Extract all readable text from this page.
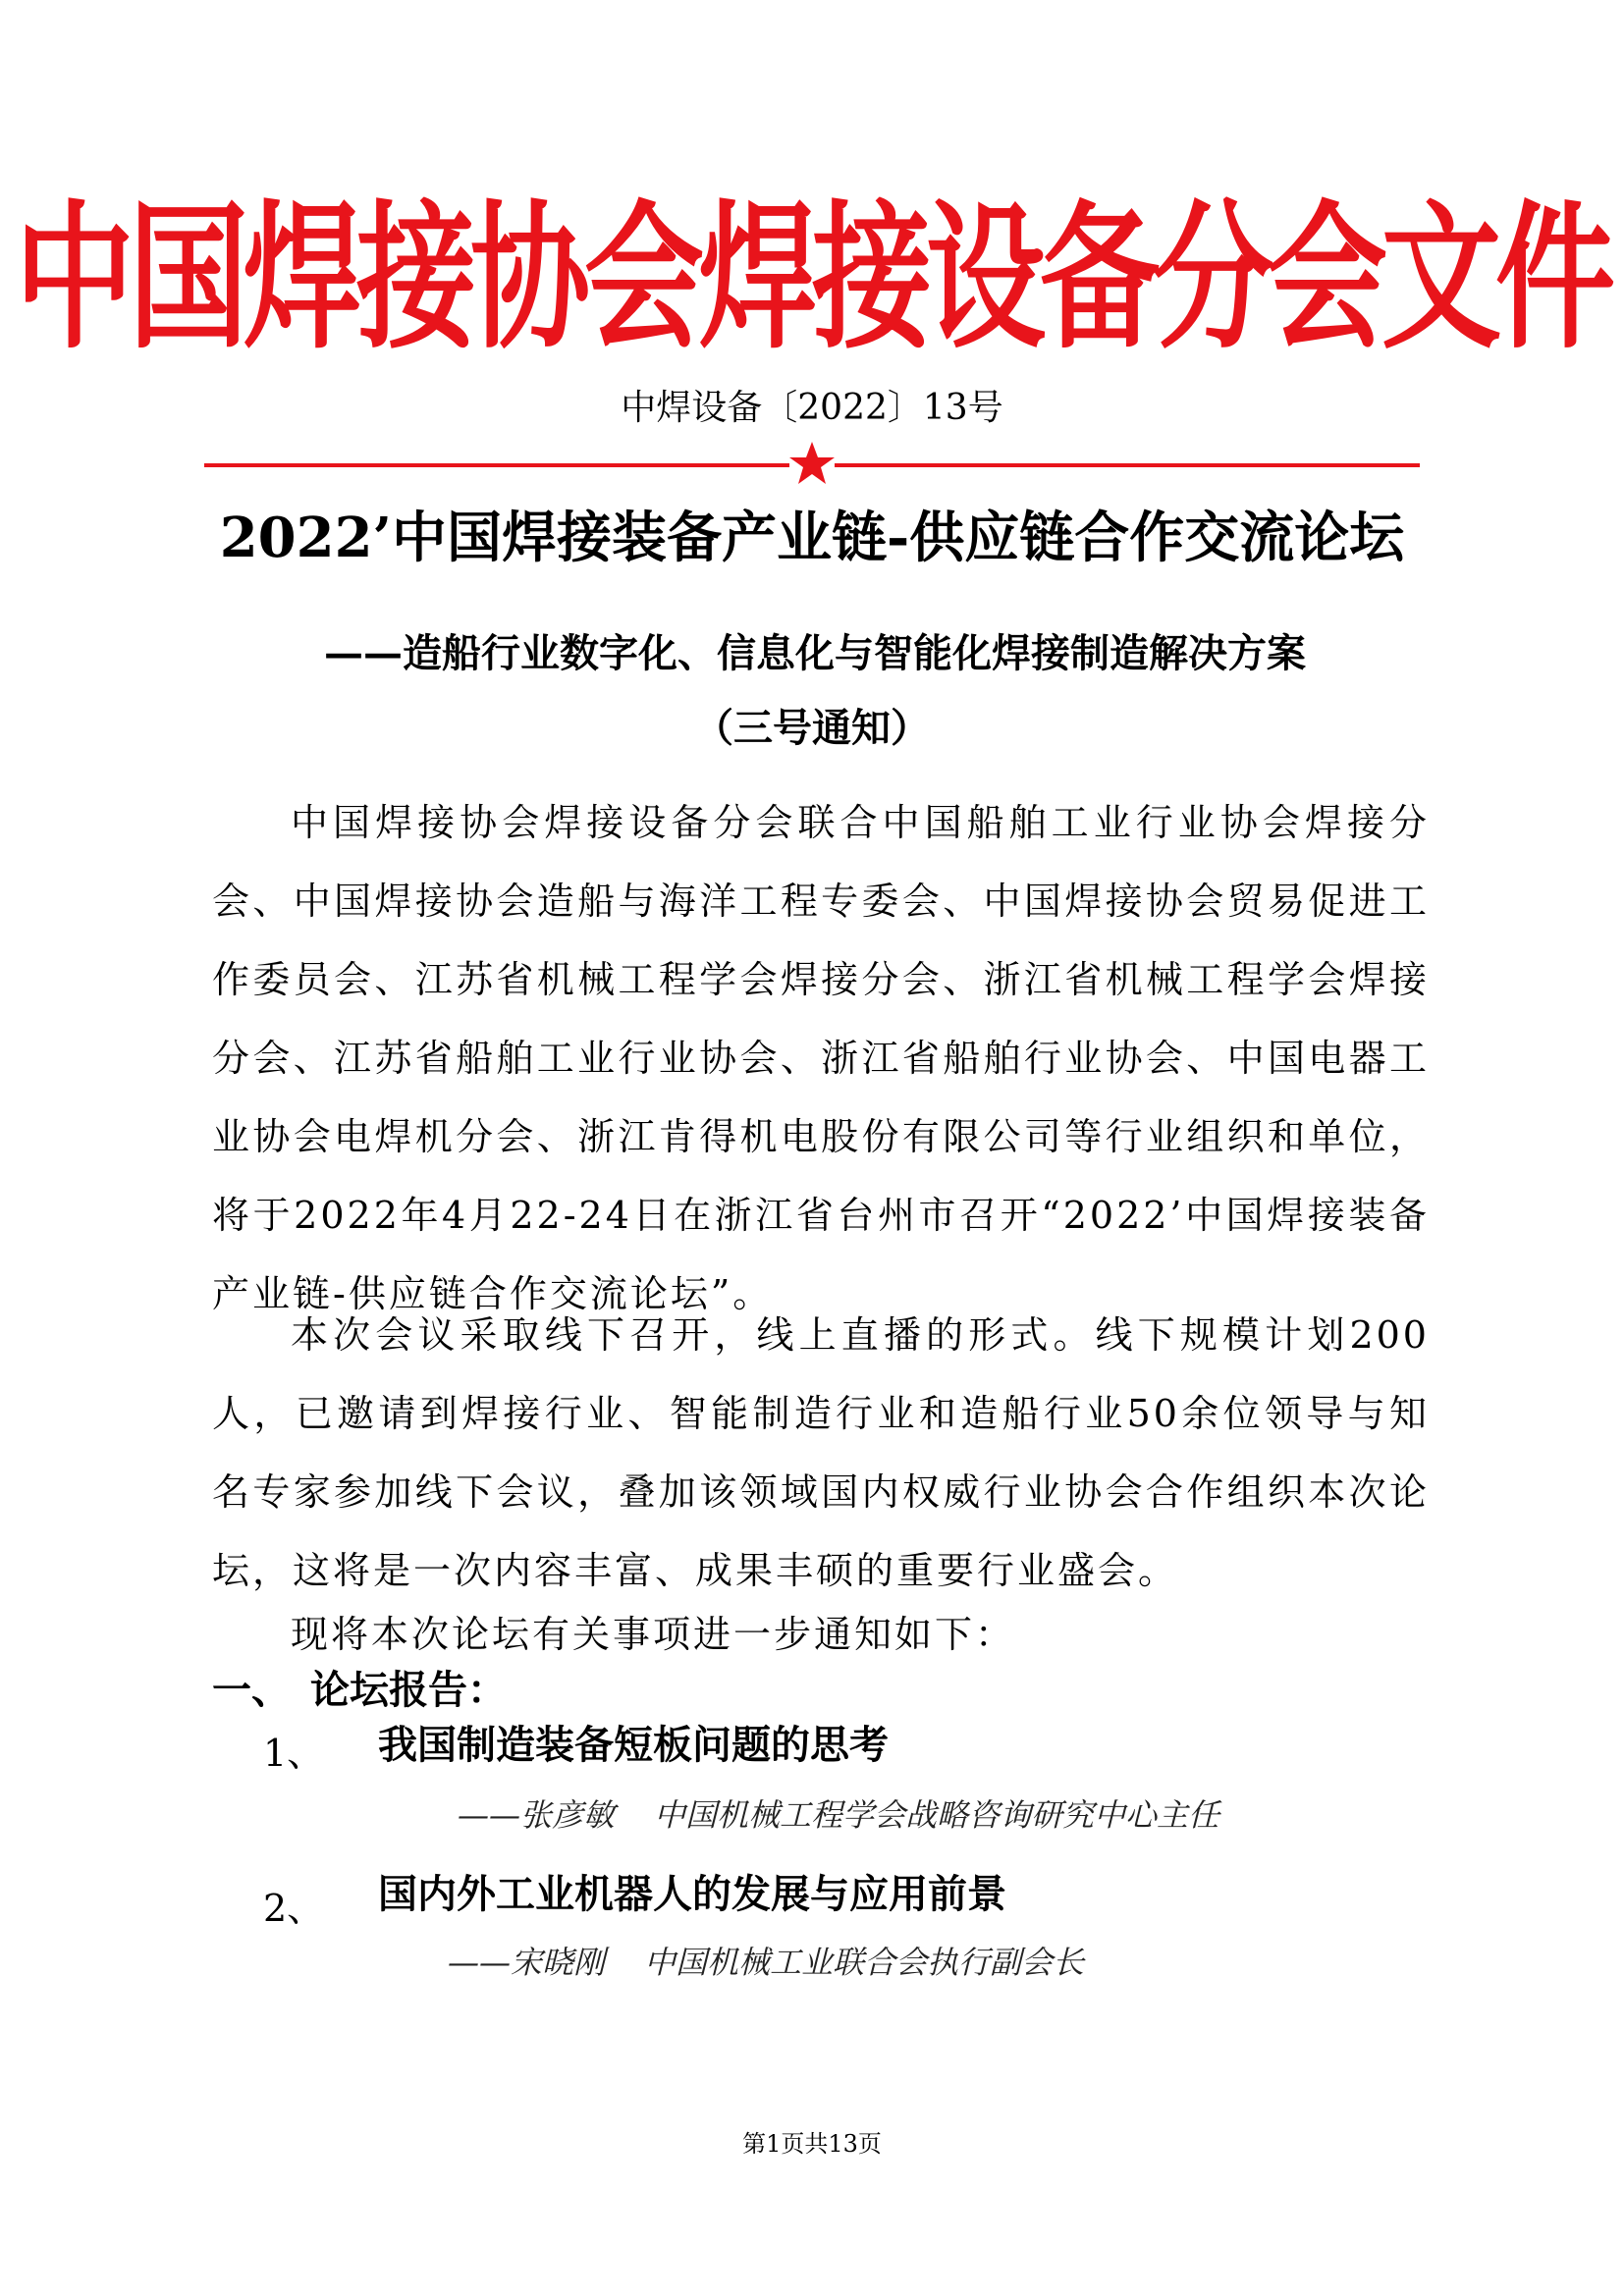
中国焊接协会焊接设备分会文件
中焊设备〔2022〕13号
2022’中国焊接装备产业链-供应链合作交流论坛
——造船行业数字化、信息化与智能化焊接制造解决方案
（三号通知）
中国焊接协会焊接设备分会联合中国船舶工业行业协会焊接分会、中国焊接协会造船与海洋工程专委会、中国焊接协会贸易促进工作委员会、江苏省机械工程学会焊接分会、浙江省机械工程学会焊接分会、江苏省船舶工业行业协会、浙江省船舶行业协会、中国电器工业协会电焊机分会、浙江肯得机电股份有限公司等行业组织和单位，将于2022年4月22-24日在浙江省台州市召开“2022’中国焊接装备产业链-供应链合作交流论坛”。
本次会议采取线下召开，线上直播的形式。线下规模计划200人，已邀请到焊接行业、智能制造行业和造船行业50余位领导与知名专家参加线下会议，叠加该领域国内权威行业协会合作组织本次论坛，这将是一次内容丰富、成果丰硕的重要行业盛会。
现将本次论坛有关事项进一步通知如下：
一、 论坛报告：
1、 我国制造装备短板问题的思考
——张彦敏 中国机械工程学会战略咨询研究中心主任
2、 国内外工业机器人的发展与应用前景
——宋晓刚 中国机械工业联合会执行副会长
第1页共13页
